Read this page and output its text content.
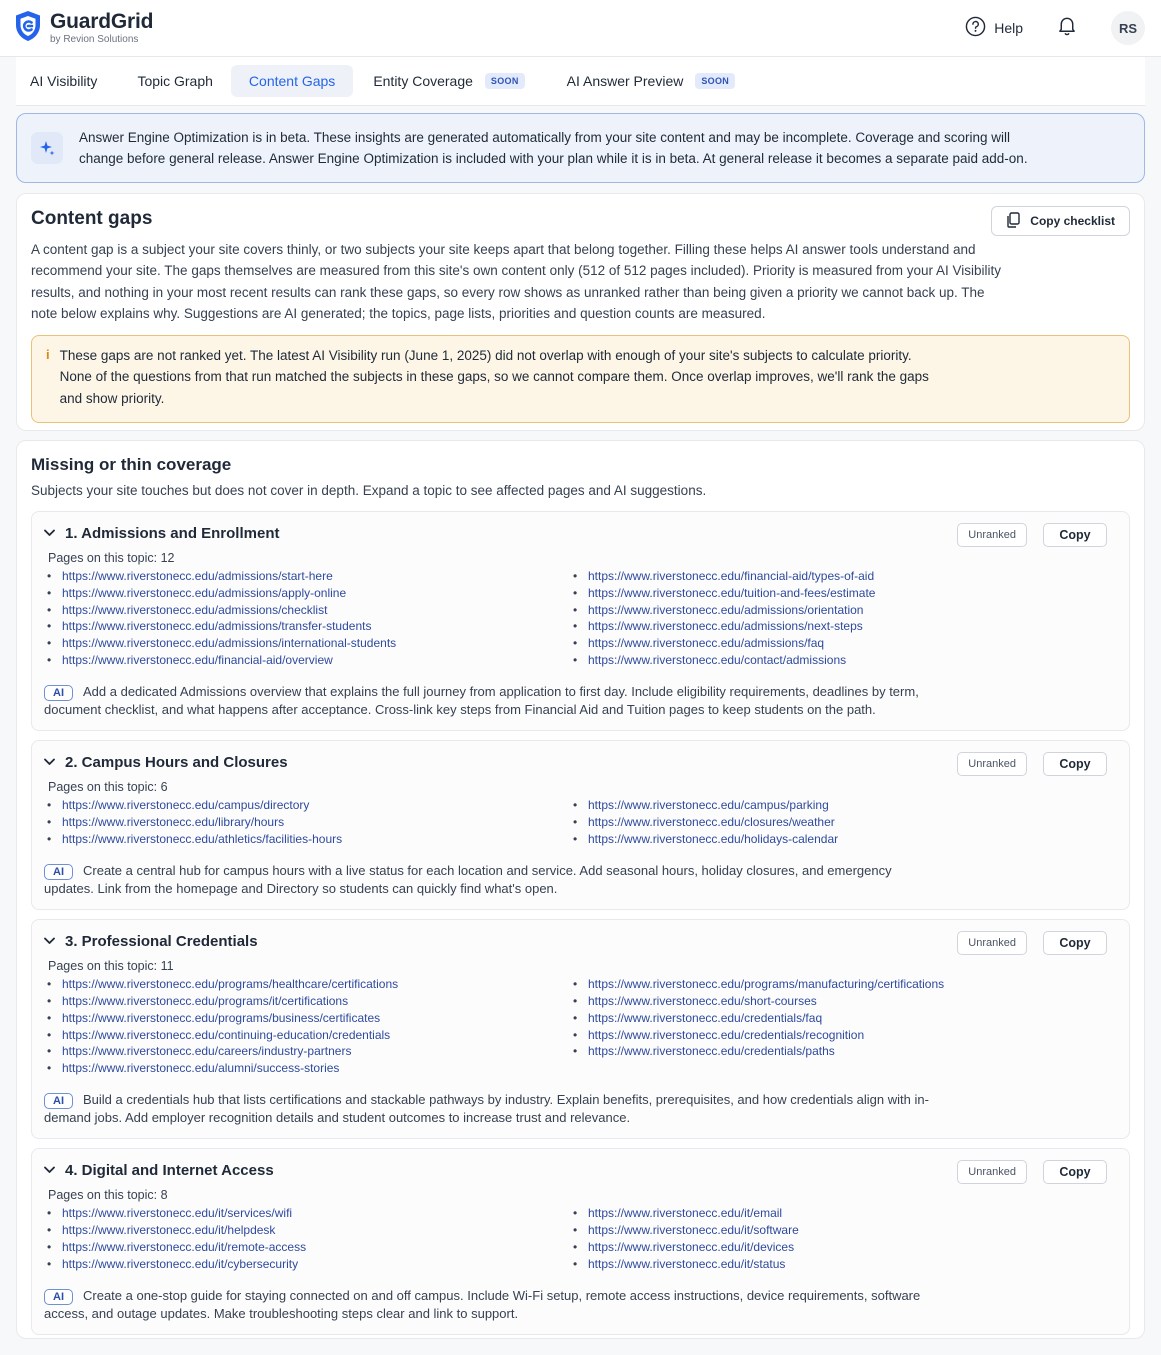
GuardGrid
by Revion Solutions
Help	RS
AI Visibility	Topic Graph	Content Gaps	Entity Coverage	SOON	AI Answer Preview	SOON
Answer Engine Optimization is in beta. These insights are generated automatically from your site content and may be incomplete. Coverage and scoring will
change before general release. Answer Engine Optimization is included with your plan while it is in beta. At general release it becomes a separate paid add-on.
Content gaps	Copy checklist
A content gap is a subject your site covers thinly, or two subjects your site keeps apart that belong together. Filling these helps AI answer tools understand and recommend your site. The gaps themselves are measured from this site's own content only (512 of 512 pages included). Priority is measured from your AI Visibility results, and nothing in your most recent results can rank these gaps, so every row shows as unranked rather than being given a priority we cannot back up. The note below explains why. Suggestions are AI generated; the topics, page lists, priorities and question counts are measured.
i These gaps are not ranked yet. The latest AI Visibility run (June 1, 2025) did not overlap with enough of your site's subjects to calculate priority.
None of the questions from that run matched the subjects in these gaps, so we cannot compare them. Once overlap improves, we'll rank the gaps
and show priority.
Missing or thin coverage
Subjects your site touches but does not cover in depth. Expand a topic to see affected pages and AI suggestions.
1. Admissions and Enrollment	Unranked	Copy
Pages on this topic: 12
• https://www.riverstonecc.edu/admissions/start-here
• https://www.riverstonecc.edu/admissions/apply-online
• https://www.riverstonecc.edu/admissions/checklist
• https://www.riverstonecc.edu/admissions/transfer-students
• https://www.riverstonecc.edu/admissions/international-students
• https://www.riverstonecc.edu/financial-aid/overview
• https://www.riverstonecc.edu/financial-aid/types-of-aid
• https://www.riverstonecc.edu/tuition-and-fees/estimate
• https://www.riverstonecc.edu/admissions/orientation
• https://www.riverstonecc.edu/admissions/next-steps
• https://www.riverstonecc.edu/admissions/faq
• https://www.riverstonecc.edu/contact/admissions
AI Add a dedicated Admissions overview that explains the full journey from application to first day. Include eligibility requirements, deadlines by term, document checklist, and what happens after acceptance. Cross-link key steps from Financial Aid and Tuition pages to keep students on the path.
2. Campus Hours and Closures	Unranked	Copy
Pages on this topic: 6
• https://www.riverstonecc.edu/campus/directory
• https://www.riverstonecc.edu/library/hours
• https://www.riverstonecc.edu/athletics/facilities-hours
• https://www.riverstonecc.edu/campus/parking
• https://www.riverstonecc.edu/closures/weather
• https://www.riverstonecc.edu/holidays-calendar
AI Create a central hub for campus hours with a live status for each location and service. Add seasonal hours, holiday closures, and emergency updates. Link from the homepage and Directory so students can quickly find what's open.
3. Professional Credentials	Unranked	Copy
Pages on this topic: 11
• https://www.riverstonecc.edu/programs/healthcare/certifications
• https://www.riverstonecc.edu/programs/it/certifications
• https://www.riverstonecc.edu/programs/business/certificates
• https://www.riverstonecc.edu/continuing-education/credentials
• https://www.riverstonecc.edu/careers/industry-partners
• https://www.riverstonecc.edu/alumni/success-stories
• https://www.riverstonecc.edu/programs/manufacturing/certifications
• https://www.riverstonecc.edu/short-courses
• https://www.riverstonecc.edu/credentials/faq
• https://www.riverstonecc.edu/credentials/recognition
• https://www.riverstonecc.edu/credentials/paths
AI Build a credentials hub that lists certifications and stackable pathways by industry. Explain benefits, prerequisites, and how credentials align with in-demand jobs. Add employer recognition details and student outcomes to increase trust and relevance.
4. Digital and Internet Access	Unranked	Copy
Pages on this topic: 8
• https://www.riverstonecc.edu/it/services/wifi
• https://www.riverstonecc.edu/it/helpdesk
• https://www.riverstonecc.edu/it/remote-access
• https://www.riverstonecc.edu/it/cybersecurity
• https://www.riverstonecc.edu/it/email
• https://www.riverstonecc.edu/it/software
• https://www.riverstonecc.edu/it/devices
• https://www.riverstonecc.edu/it/status
AI Create a one-stop guide for staying connected on and off campus. Include Wi-Fi setup, remote access instructions, device requirements, software access, and outage updates. Make troubleshooting steps clear and link to support.
